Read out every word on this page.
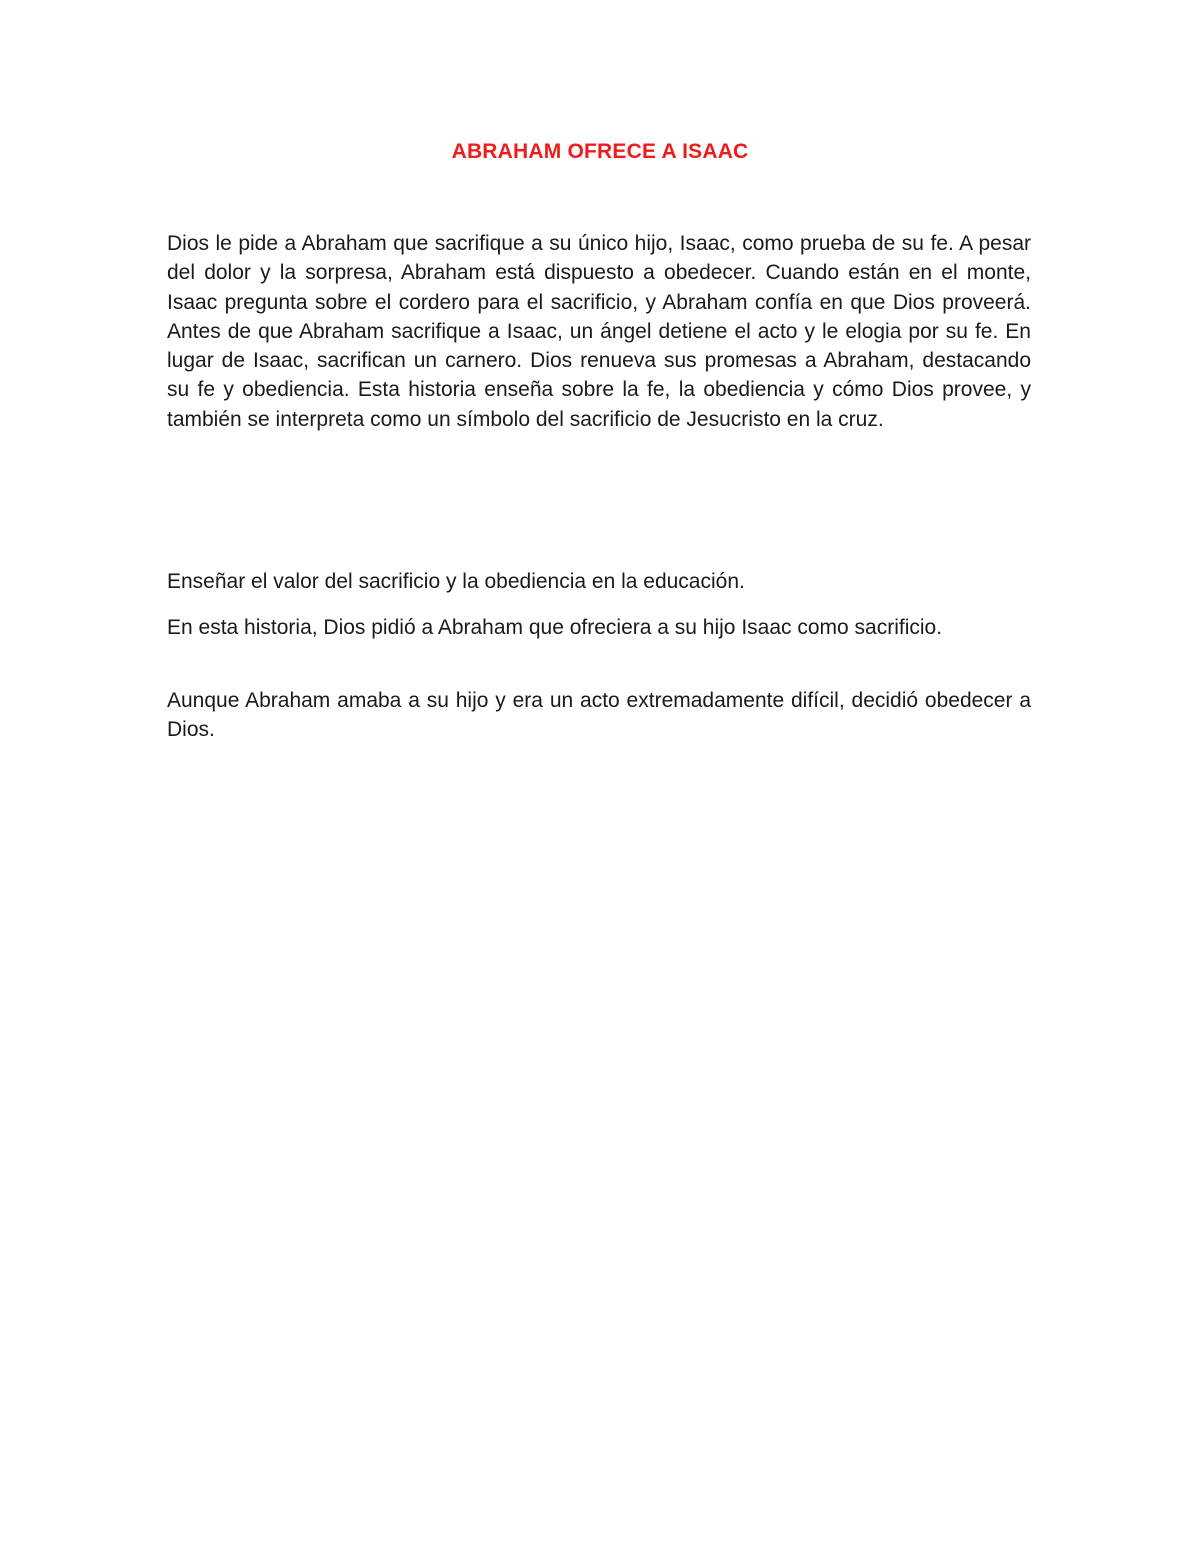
ABRAHAM OFRECE A ISAAC

Dios le pide a Abraham que sacrifique a su único hijo, Isaac, como prueba de su fe. A pesar del dolor y la sorpresa, Abraham está dispuesto a obedecer. Cuando están en el monte, Isaac pregunta sobre el cordero para el sacrificio, y Abraham confía en que Dios proveerá. Antes de que Abraham sacrifique a Isaac, un ángel detiene el acto y le elogia por su fe. En lugar de Isaac, sacrifican un carnero. Dios renueva sus promesas a Abraham, destacando su fe y obediencia. Esta historia enseña sobre la fe, la obediencia y cómo Dios provee, y también se interpreta como un símbolo del sacrificio de Jesucristo en la cruz.

Enseñar el valor del sacrificio y la obediencia en la educación.

En esta historia, Dios pidió a Abraham que ofreciera a su hijo Isaac como sacrificio.

Aunque Abraham amaba a su hijo y era un acto extremadamente difícil, decidió obedecer a Dios.
